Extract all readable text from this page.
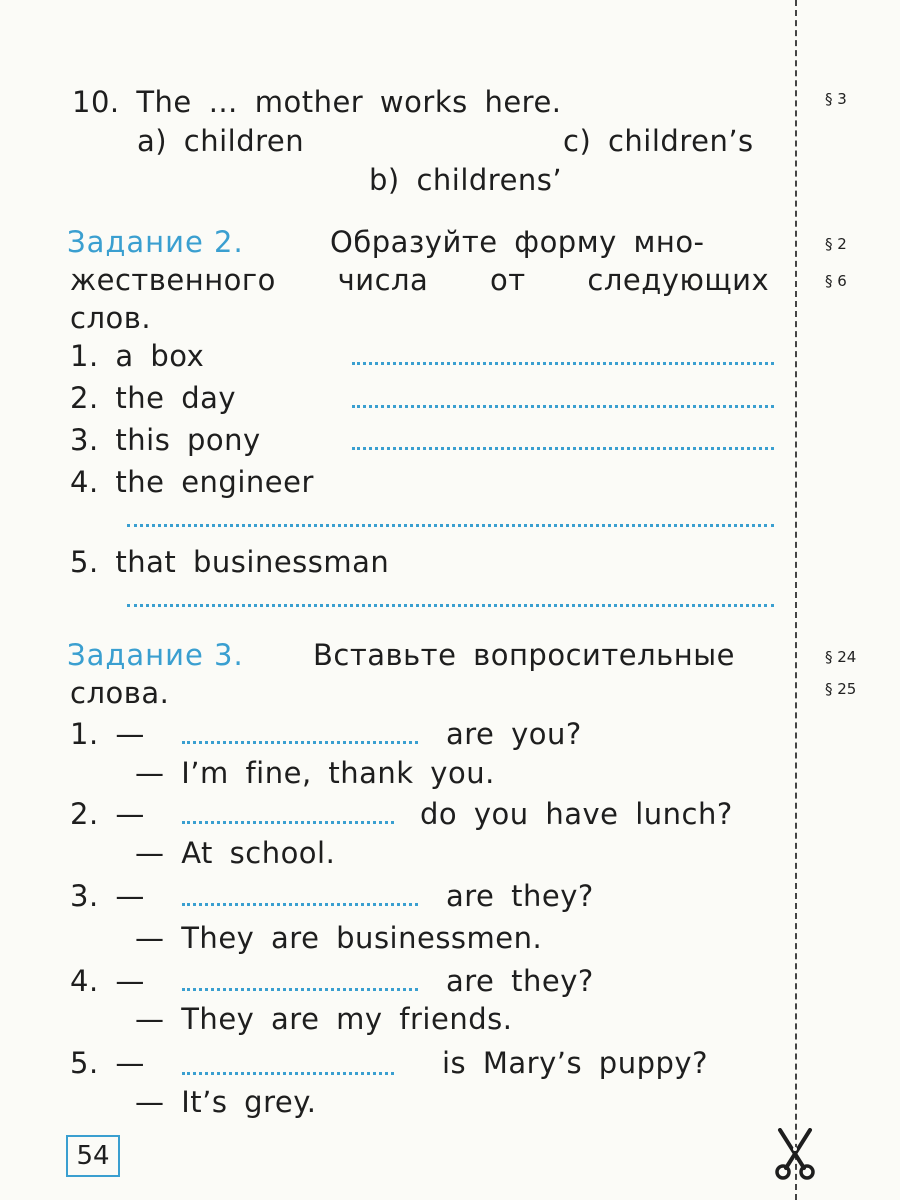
10. The … mother works here.
a) children	c) children’s
b) childrens’
Задание 2.	Образуйте форму мно-
жественного числа от следующих
слов.
1. a box
2. the day
3. this pony
4. the engineer
5. that businessman
Задание 3. Вставьте вопросительные
слова.
1. —	are you?
— I’m fine, thank you.
2. —	do you have lunch?
— At school.
3. —	are they?
— They are businessmen.
4. —	are they?
— They are my friends.
5. —	is Mary’s puppy?
— It’s grey.
§ 3
§ 2
§ 6
§ 24
§ 25
54
